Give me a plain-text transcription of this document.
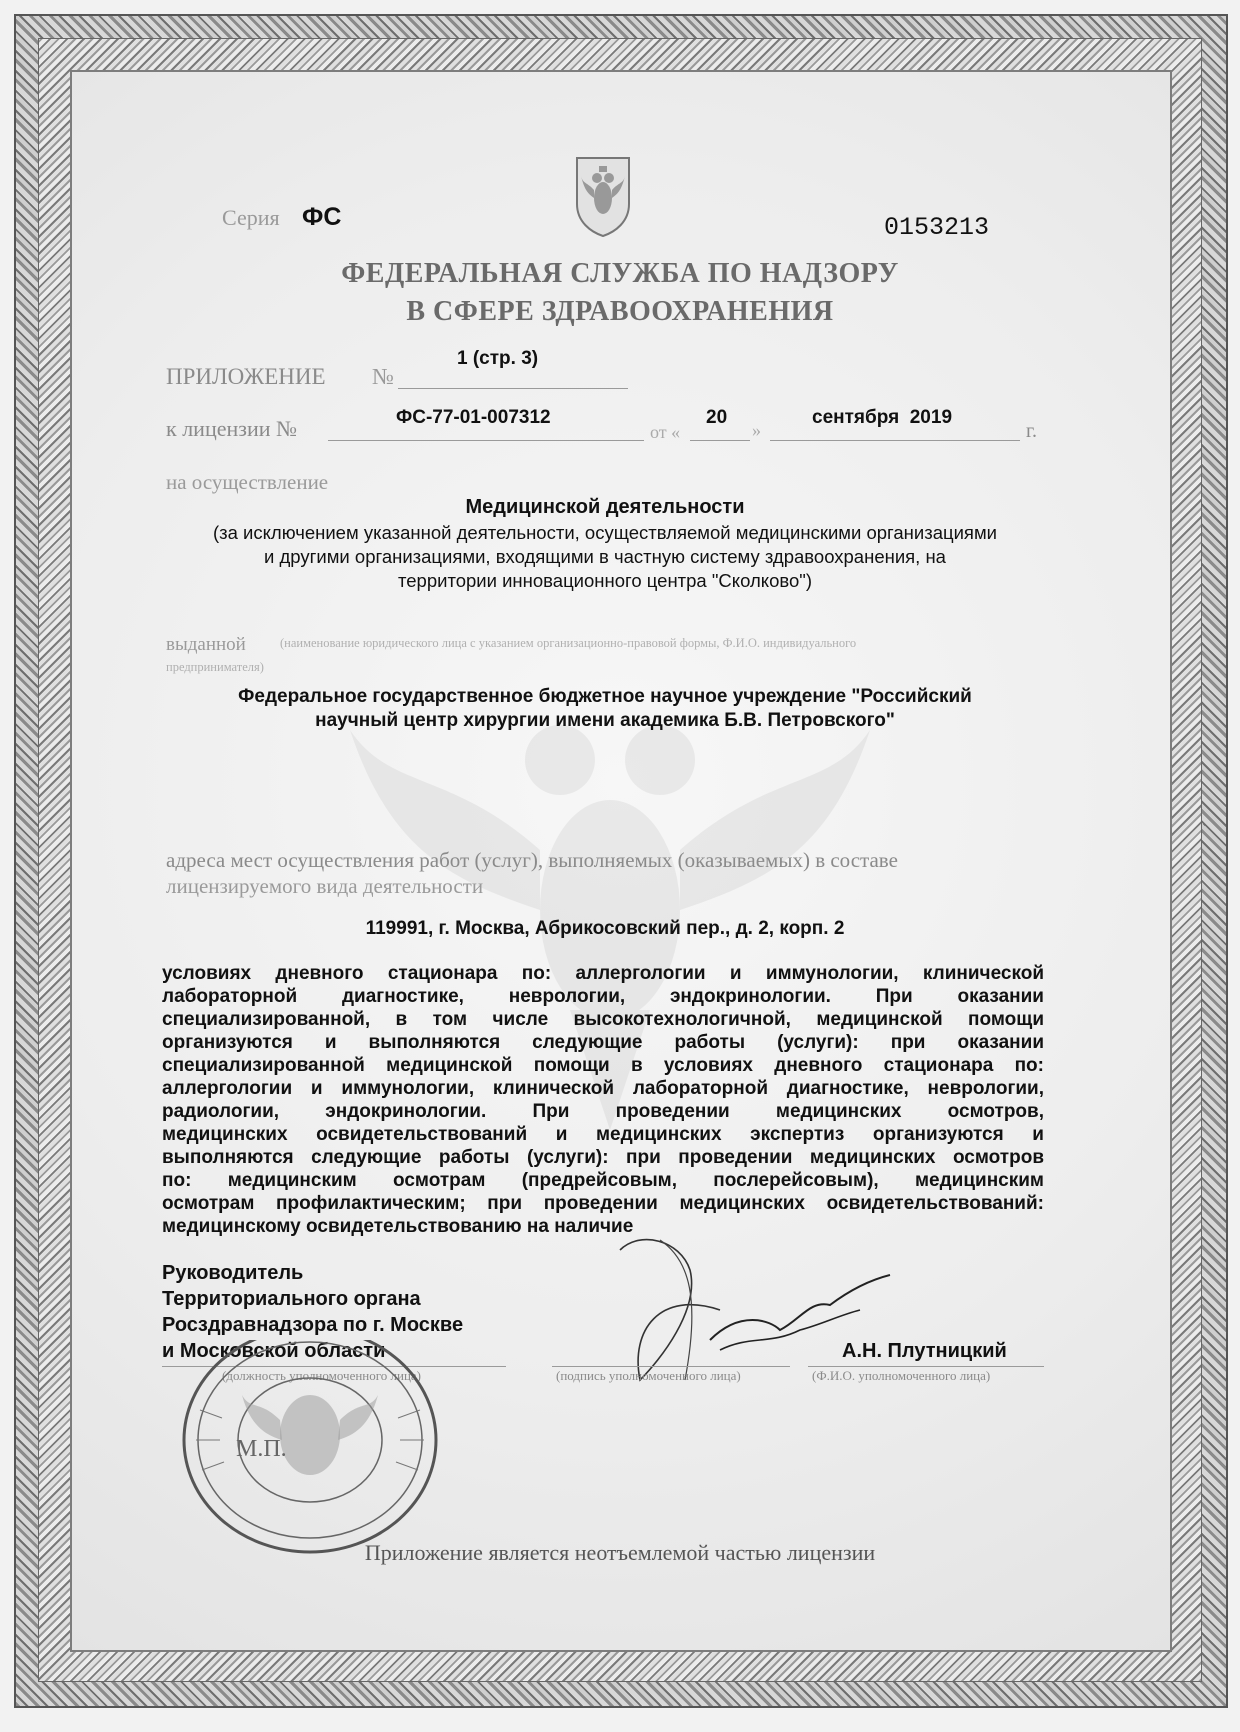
Серия ФС	0153213
ФЕДЕРАЛЬНАЯ СЛУЖБА ПО НАДЗОРУ
В СФЕРЕ ЗДРАВООХРАНЕНИЯ
ПРИЛОЖЕНИЕ №
1 (стр. 3)
к лицензии №	ФС-77-01-007312
от «
20
»
сентября  2019
г.
на осуществление
Медицинской деятельности
(за исключением указанной деятельности, осуществляемой медицинскими организациями
и другими организациями, входящими в частную систему здравоохранения, на
территории инновационного центра "Сколково")
выданной	(наименование юридического лица с указанием организационно-правовой формы, Ф.И.О. индивидуального
предпринимателя)
Федеральное государственное бюджетное научное учреждение "Российский
научный центр хирургии имени академика Б.В. Петровского"
адреса мест осуществления работ (услуг), выполняемых (оказываемых) в составе
лицензируемого вида деятельности
119991, г. Москва, Абрикосовский пер., д. 2, корп. 2
условиях дневного стационара по: аллергологии и иммунологии, клинической
лабораторной диагностике, неврологии, эндокринологии. При оказании
специализированной, в том числе высокотехнологичной, медицинской помощи
организуются и выполняются следующие работы (услуги): при оказании
специализированной медицинской помощи в условиях дневного стационара по:
аллергологии и иммунологии, клинической лабораторной диагностике, неврологии,
радиологии, эндокринологии. При проведении медицинских осмотров,
медицинских освидетельствований и медицинских экспертиз организуются и
выполняются следующие работы (услуги): при проведении медицинских осмотров
по: медицинским осмотрам (предрейсовым, послерейсовым), медицинским
осмотрам профилактическим; при проведении медицинских освидетельствований:
медицинскому освидетельствованию на наличие
Руководитель
Территориального органа
Росздравнадзора по г. Москве
и Московской области	А.Н. Плутницкий
(должность уполномоченного лица)	(подпись уполномоченного лица)	(Ф.И.О. уполномоченного лица)
М.П.
Приложение является неотъемлемой частью лицензии
